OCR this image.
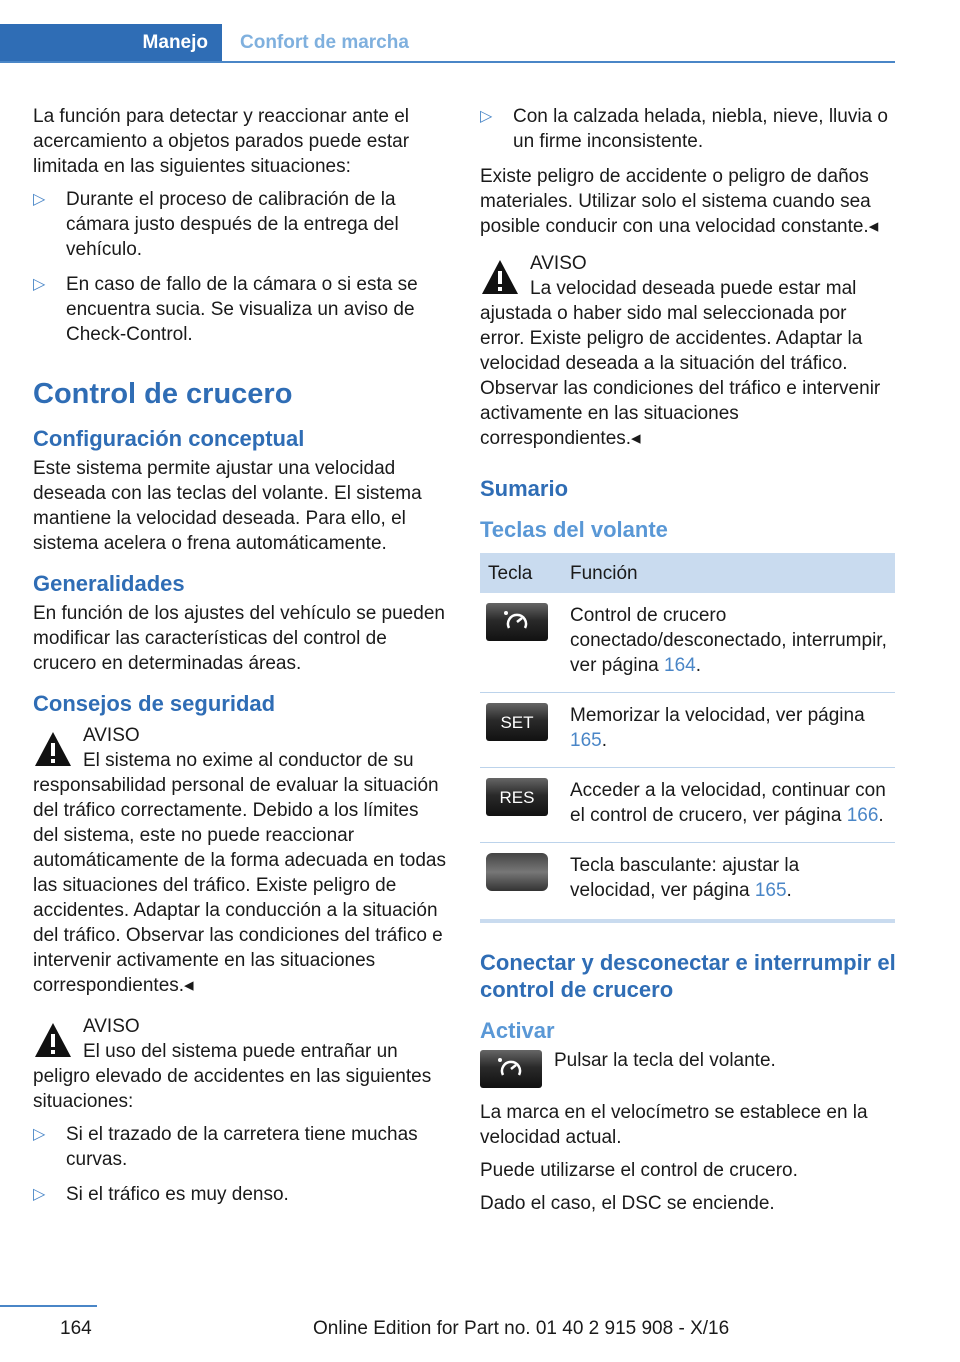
Manejo Confort de marcha

La función para detectar y reaccionar ante el acercamiento a objetos parados puede estar limitada en las siguientes situaciones:

▷ Durante el proceso de calibración de la cámara justo después de la entrega del vehículo.
▷ En caso de fallo de la cámara o si esta se encuentra sucia. Se visualiza un aviso de Check-Control.
Control de crucero
Configuración conceptual

Este sistema permite ajustar una velocidad deseada con las teclas del volante. El sistema mantiene la velocidad deseada. Para ello, el sistema acelera o frena automáticamente.

Generalidades

En función de los ajustes del vehículo se pueden modificar las características del control de crucero en determinadas áreas.

Consejos de seguridad
AVISO
El sistema no exime al conductor de su responsabilidad personal de evaluar la situación del tráfico correctamente. Debido a los límites del sistema, este no puede reaccionar automáticamente de la forma adecuada en todas las situaciones del tráfico. Existe peligro de accidentes. Adaptar la conducción a la situación del tráfico. Observar las condiciones del tráfico e intervenir activamente en las situaciones correspondientes.◂
AVISO
El uso del sistema puede entrañar un peligro elevado de accidentes en las siguientes situaciones:
▷ Si el trazado de la carretera tiene muchas curvas.
▷ Si el tráfico es muy denso.
▷ Con la calzada helada, niebla, nieve, lluvia o un firme inconsistente.

Existe peligro de accidente o peligro de daños materiales. Utilizar solo el sistema cuando sea posible conducir con una velocidad constante.◂

AVISO
La velocidad deseada puede estar mal ajustada o haber sido mal seleccionada por error. Existe peligro de accidentes. Adaptar la velocidad deseada a la situación del tráfico. Observar las condiciones del tráfico e intervenir activamente en las situaciones correspondientes.◂
Sumario
Teclas del volante
Tecla	Función

	Control de crucero conectado/desconectado, interrumpir, ver página 164.

SET	Memorizar la velocidad, ver página 165.

RES	Acceder a la velocidad, continuar con el control de crucero, ver página 166.

	Tecla basculante: ajustar la velocidad, ver página 165.
Conectar y desconectar e interrumpir el control de crucero
Activar
Pulsar la tecla del volante.

La marca en el velocímetro se establece en la velocidad actual.

Puede utilizarse el control de crucero.

Dado el caso, el DSC se enciende.

164	Online Edition for Part no. 01 40 2 915 908 - X/16
